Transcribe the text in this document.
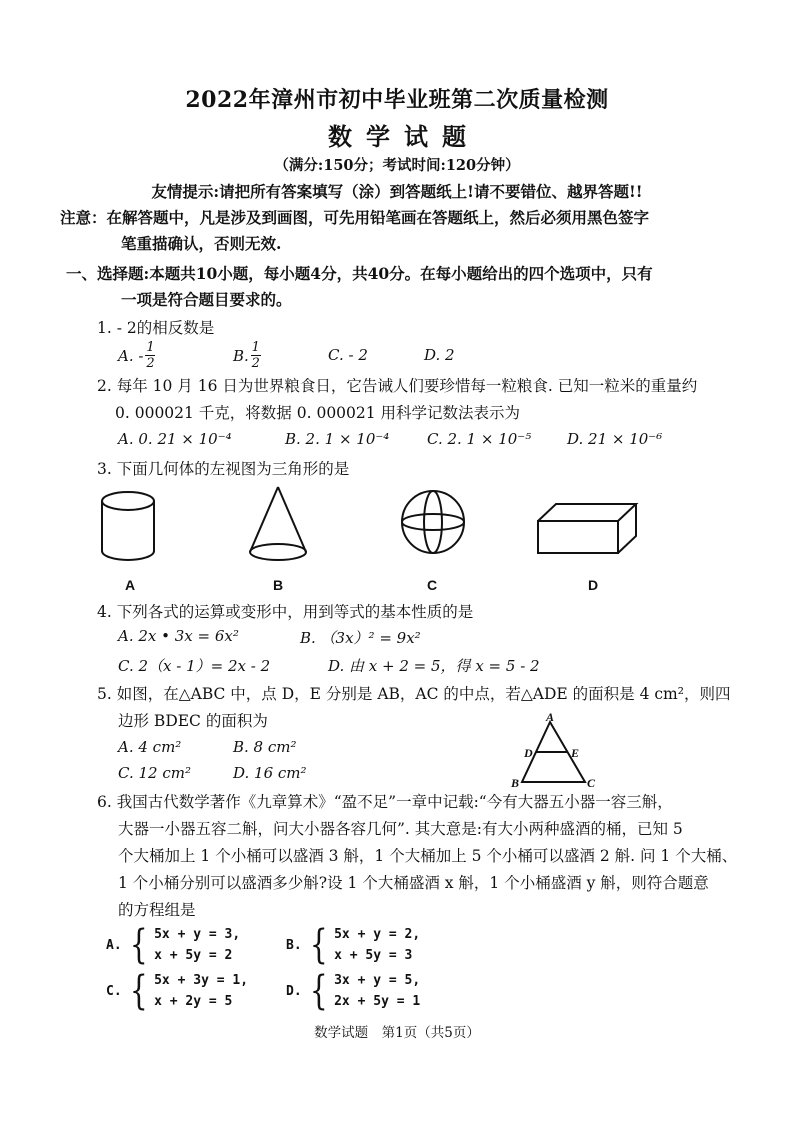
2022年漳州市初中毕业班第二次质量检测
数学试题
（满分:150分；考试时间:120分钟）
友情提示:请把所有答案填写（涂）到答题纸上!请不要错位、越界答题!!
注意：在解答题中，凡是涉及到画图，可先用铅笔画在答题纸上，然后必须用黑色签字
笔重描确认，否则无效.
一、选择题:本题共10小题，每小题4分，共40分。在每小题给出的四个选项中，只有
一项是符合题目要求的。
1. - 2的相反数是
A.
- $\frac{1}{2}$	B. $\frac{1}{2}$	C. - 2	D. 2
2. 每年 10 月 16 日为世界粮食日，它告诫人们要珍惜每一粒粮食. 已知一粒米的重量约
0. 000021 千克，将数据 0. 000021 用科学记数法表示为
A. 0. 21 × 10⁻⁴	B. 2. 1 × 10⁻⁴	C. 2. 1 × 10⁻⁵ D. 21 × 10⁻⁶
3. 下面几何体的左视图为三角形的是
A	B	C	D
4. 下列各式的运算或变形中，用到等式的基本性质的是
A. 2x • 3x = 6x²	B. （3x）² = 9x²
C. 2（x - 1）= 2x - 2	D. 由 x + 2 = 5，得 x = 5 - 2
5. 如图，在△ABC 中，点 D，E 分别是 AB，AC 的中点，若△ADE 的面积是 4 cm²，则四
边形 BDEC 的面积为
A. 4 cm²	B. 8 cm²
C. 12 cm²	D. 16 cm²
A
D	E
B	C
6. 我国古代数学著作《九章算术》“盈不足”一章中记载:“今有大器五小器一容三斛，
大器一小器五容二斛，问大小器各容几何”. 其大意是:有大小两种盛酒的桶，已知 5
个大桶加上 1 个小桶可以盛酒 3 斛，1 个大桶加上 5 个小桶可以盛酒 2 斛. 问 1 个大桶、
1 个小桶分别可以盛酒多少斛?设 1 个大桶盛酒 x 斛，1 个小桶盛酒 y 斛，则符合题意
的方程组是
A. { 5x + y = 3,
x + 5y = 2
B. { 5x + y = 2,
x + 5y = 3
C. { 5x + 3y = 1,
x + 2y = 5
D. { 3x + y = 5,
2x + 5y = 1
数学试题　第1页（共5页）
